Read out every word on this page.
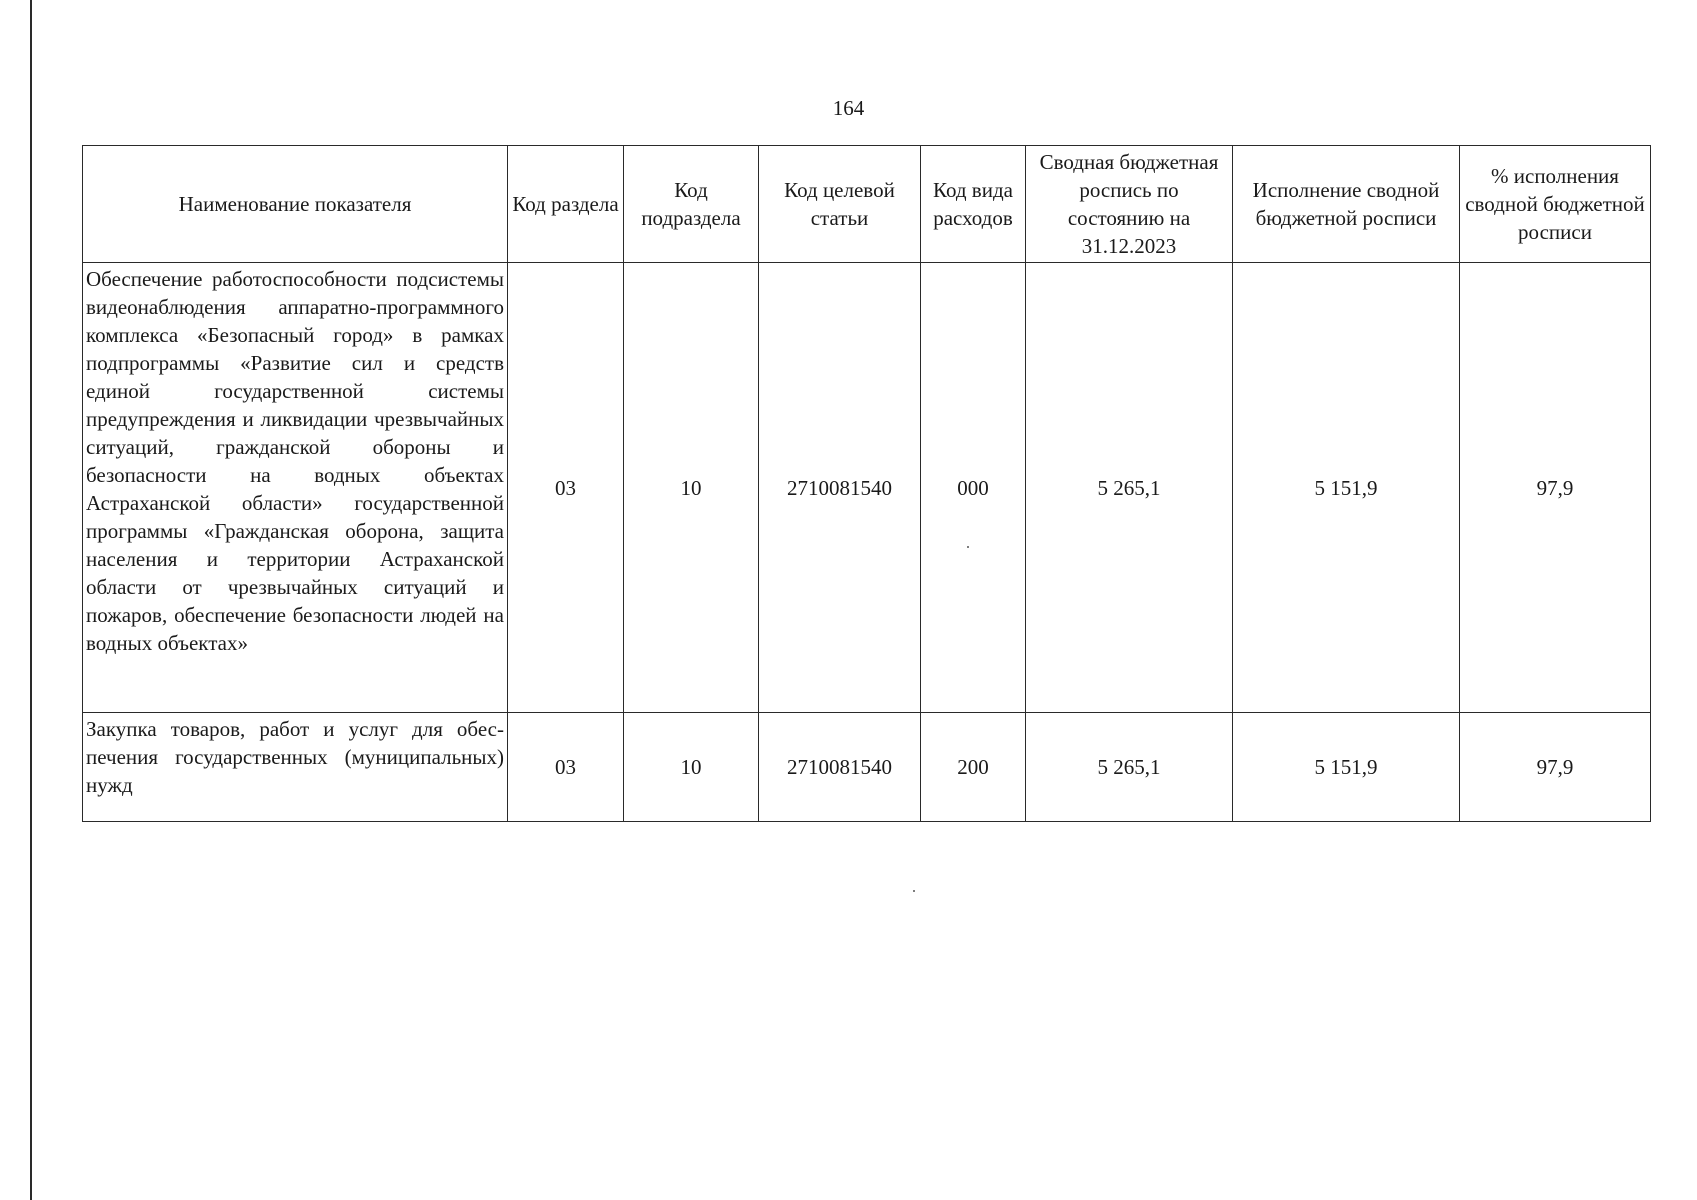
164
Наименование показателя	Код раздела	Код подраздела	Код целевой статьи	Код вида расходов	Сводная бюджетная роспись по состоянию на 31.12.2023	Исполнение сводной бюджетной росписи	% исполнения сводной бюджетной росписи
Обеспечение работоспособности подсистемы видеонаблюдения аппаратно-программного комплекса «Безопасный город» в рамках подпрограммы «Развитие сил и средств единой государственной системы предупреждения и ликвидации чрезвычайных ситуаций, гражданской обороны и безопасности на водных объектах Астраханской области» государственной программы «Гражданская оборона, защита населения и территории Астраханской области от чрезвычайных ситуаций и пожаров, обеспечение безопасности людей на водных объектах»	03	10	2710081540	000	5 265,1	5 151,9	97,9
Закупка товаров, работ и услуг для обеспечения государственных (муниципальных) нужд	03	10	2710081540	200	5 265,1	5 151,9	97,9
